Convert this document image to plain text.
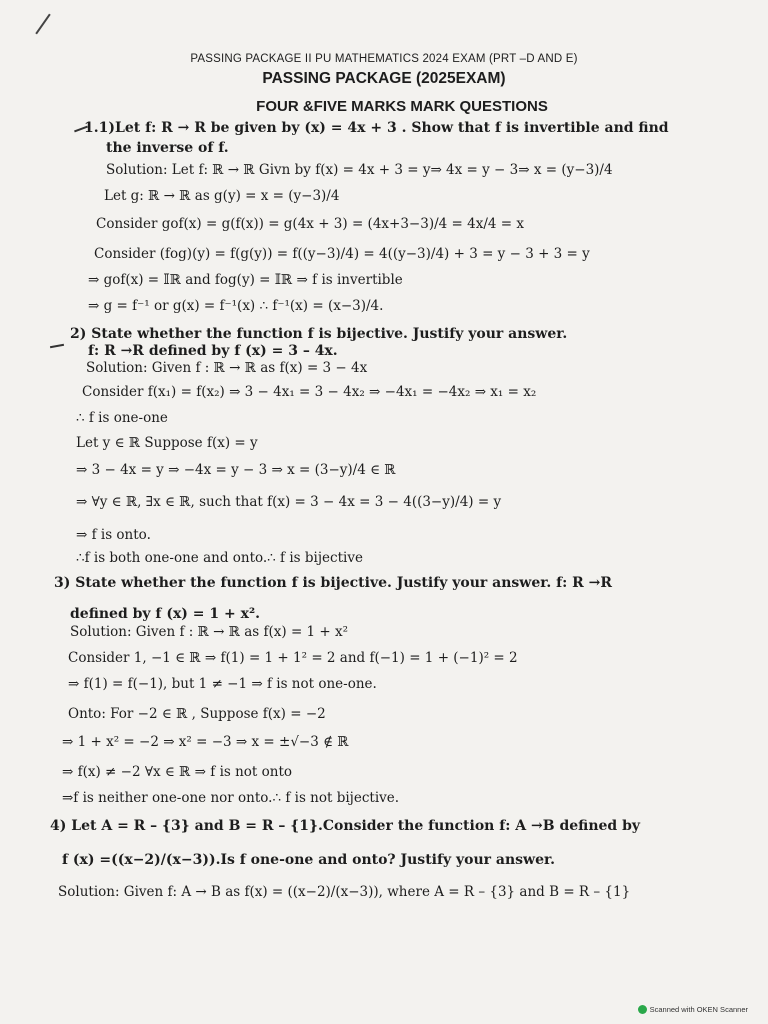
PASSING PACKAGE II PU MATHEMATICS 2024 EXAM (PRT –D AND E)
PASSING PACKAGE (2025EXAM)
FOUR &FIVE MARKS MARK QUESTIONS
1.1)Let f: R → R be given by (x) = 4x + 3 . Show that f is invertible and find
the inverse of f.
Solution: Let f: ℝ → ℝ Givn by f(x) = 4x + 3 = y⇒ 4x = y − 3⇒ x = (y−3)/4
Let g: ℝ → ℝ as g(y) = x = (y−3)/4
Consider gof(x) = g(f(x)) = g(4x + 3) = (4x+3−3)/4 = 4x/4 = x
Consider (fog)(y) = f(g(y)) = f((y−3)/4) = 4((y−3)/4) + 3 = y − 3 + 3 = y
⇒ gof(x) = 𝕀ℝ and fog(y) = 𝕀ℝ ⇒ f is invertible
⇒ g = f⁻¹ or g(x) = f⁻¹(x) ∴ f⁻¹(x) = (x−3)/4.
2) State whether the function f is bijective. Justify your answer.
f: R →R defined by f (x) = 3 – 4x.
Solution: Given f : ℝ → ℝ as f(x) = 3 − 4x
Consider f(x₁) = f(x₂) ⇒ 3 − 4x₁ = 3 − 4x₂ ⇒ −4x₁ = −4x₂ ⇒ x₁ = x₂
∴ f is one-one
Let y ∈ ℝ Suppose f(x) = y
⇒ 3 − 4x = y ⇒ −4x = y − 3 ⇒ x = (3−y)/4 ∈ ℝ
⇒ ∀y ∈ ℝ, ∃x ∈ ℝ, such that f(x) = 3 − 4x = 3 − 4((3−y)/4) = y
⇒ f is onto.
∴f is both one-one and onto.∴ f is bijective
3) State whether the function f is bijective. Justify your answer. f: R →R
defined by f (x) = 1 + x².
Solution: Given f : ℝ → ℝ as f(x) = 1 + x²
Consider 1, −1 ∈ ℝ ⇒ f(1) = 1 + 1² = 2 and f(−1) = 1 + (−1)² = 2
⇒ f(1) = f(−1), but 1 ≠ −1 ⇒ f is not one-one.
Onto: For −2 ∈ ℝ , Suppose f(x) = −2
⇒ 1 + x² = −2 ⇒ x² = −3 ⇒ x = ±√−3 ∉ ℝ
⇒ f(x) ≠ −2 ∀x ∈ ℝ ⇒ f is not onto
⇒f is neither one-one nor onto.∴ f is not bijective.
4) Let A = R – {3} and B = R – {1}.Consider the function f: A →B defined by
f (x) =((x−2)/(x−3)).Is f one-one and onto? Justify your answer.
Solution: Given f: A → B as f(x) = ((x−2)/(x−3)), where A = R – {3} and B = R – {1}
Scanned with OKEN Scanner
